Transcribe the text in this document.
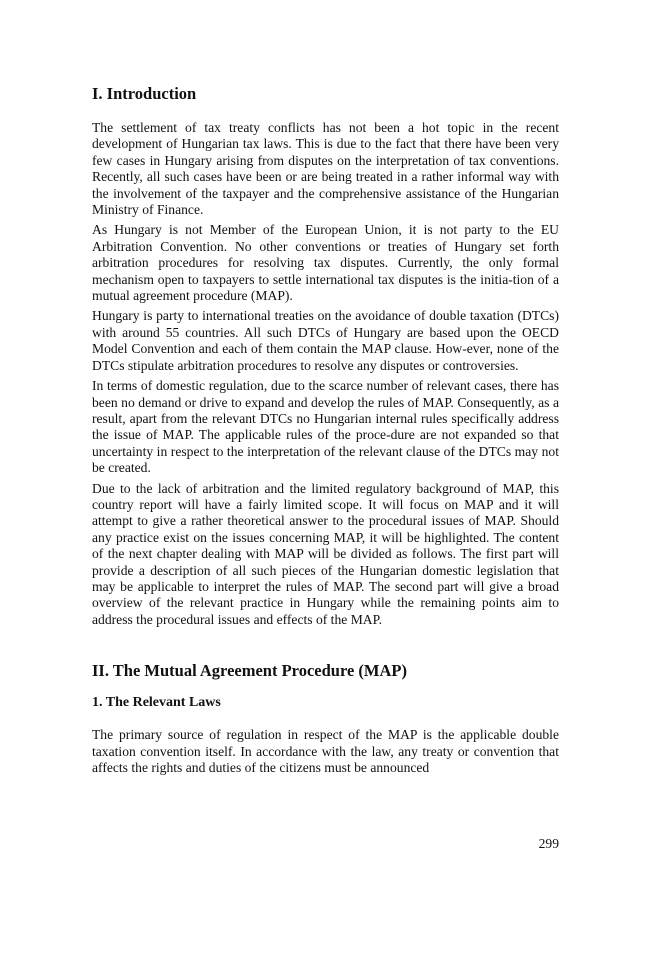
I. Introduction

The settlement of tax treaty conflicts has not been a hot topic in the recent development of Hungarian tax laws. This is due to the fact that there have been very few cases in Hungary arising from disputes on the interpretation of tax conventions. Recently, all such cases have been or are being treated in a rather informal way with the involvement of the taxpayer and the comprehensive assistance of the Hungarian Ministry of Finance.

As Hungary is not Member of the European Union, it is not party to the EU Arbitration Convention. No other conventions or treaties of Hungary set forth arbitration procedures for resolving tax disputes. Currently, the only formal mechanism open to taxpayers to settle international tax disputes is the initia-tion of a mutual agreement procedure (MAP).

Hungary is party to international treaties on the avoidance of double taxation (DTCs) with around 55 countries. All such DTCs of Hungary are based upon the OECD Model Convention and each of them contain the MAP clause. How-ever, none of the DTCs stipulate arbitration procedures to resolve any disputes or controversies.

In terms of domestic regulation, due to the scarce number of relevant cases, there has been no demand or drive to expand and develop the rules of MAP. Consequently, as a result, apart from the relevant DTCs no Hungarian internal rules specifically address the issue of MAP. The applicable rules of the proce-dure are not expanded so that uncertainty in respect to the interpretation of the relevant clause of the DTCs may not be created.

Due to the lack of arbitration and the limited regulatory background of MAP, this country report will have a fairly limited scope. It will focus on MAP and it will attempt to give a rather theoretical answer to the procedural issues of MAP. Should any practice exist on the issues concerning MAP, it will be highlighted. The content of the next chapter dealing with MAP will be divided as follows. The first part will provide a description of all such pieces of the Hungarian domestic legislation that may be applicable to interpret the rules of MAP. The second part will give a broad overview of the relevant practice in Hungary while the remaining points aim to address the procedural issues and effects of the MAP.

II. The Mutual Agreement Procedure (MAP)
1. The Relevant Laws

The primary source of regulation in respect of the MAP is the applicable double taxation convention itself. In accordance with the law, any treaty or convention that affects the rights and duties of the citizens must be announced

299
